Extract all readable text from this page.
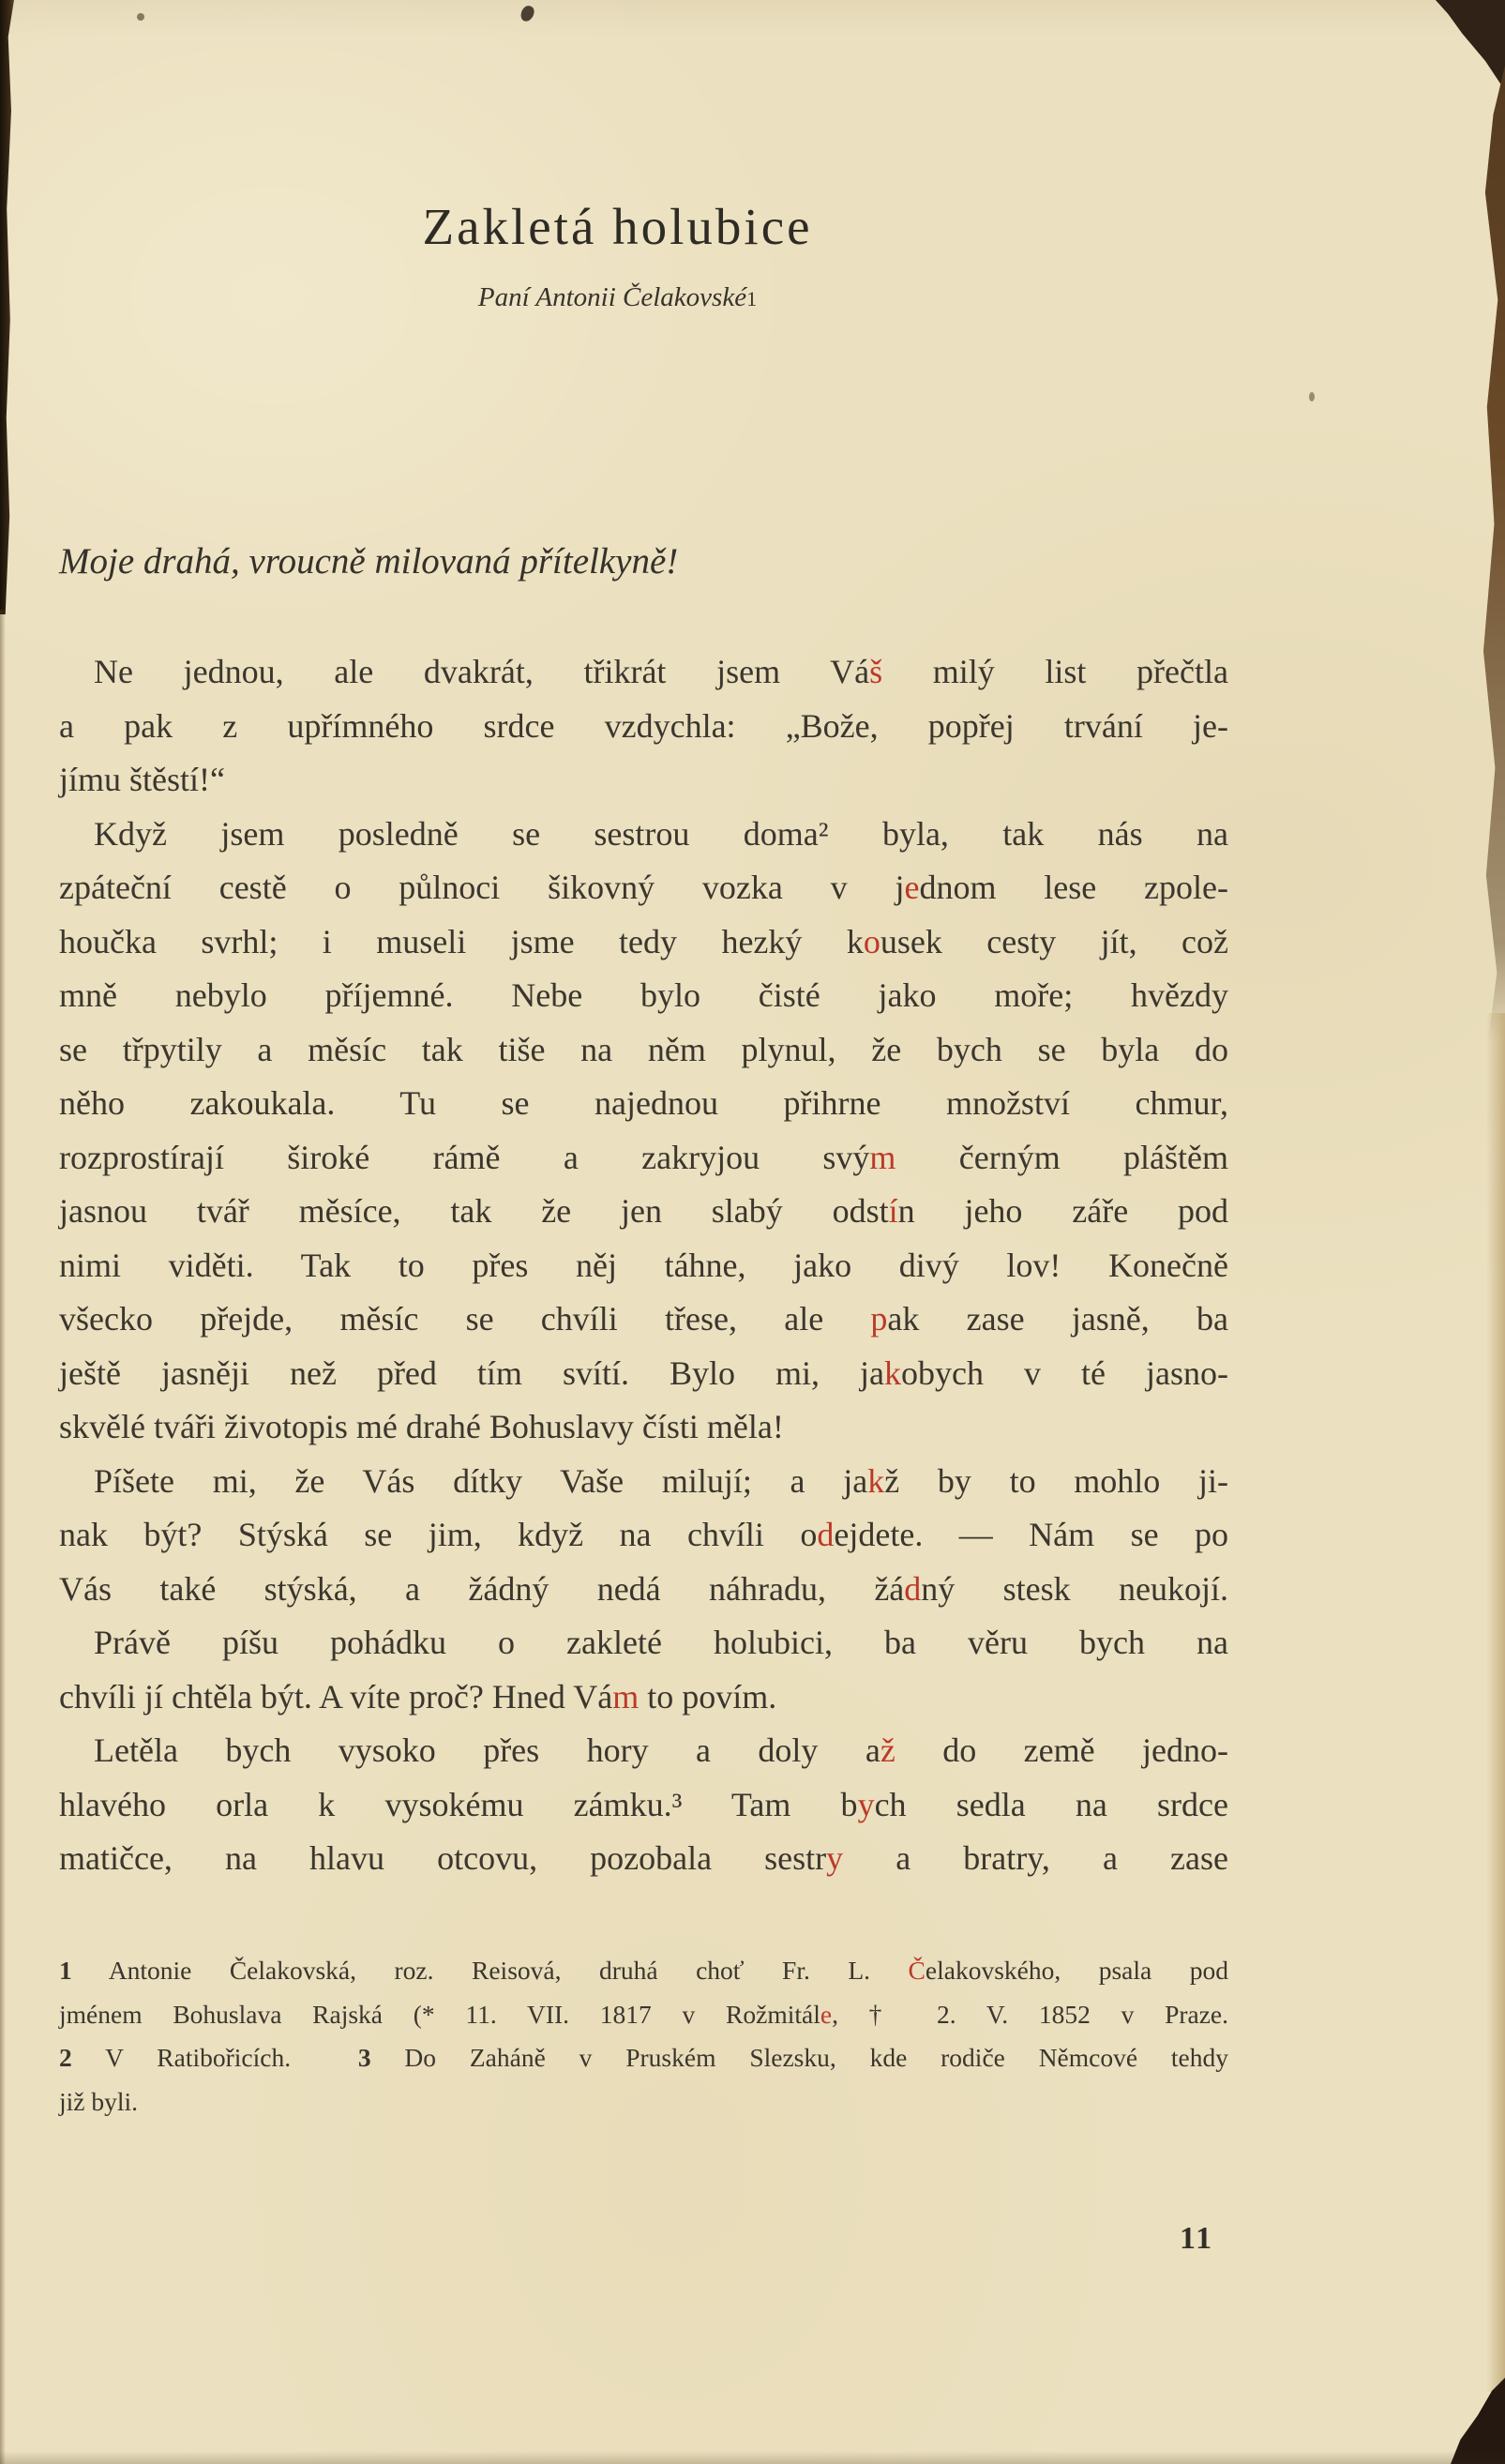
Zakletá holubice
Paní Antonii Čelakovské1
Moje drahá, vroucně milovaná přítelkyně!
Ne jednou, ale dvakrát, třikrát jsem Váš milý list přečtla
a pak z upřímného srdce vzdychla: „Bože, popřej trvání je-
jímu štěstí!“
Když jsem posledně se sestrou doma² byla, tak nás na
zpáteční cestě o půlnoci šikovný vozka v jednom lese zpole-
houčka svrhl; i museli jsme tedy hezký kousek cesty jít, což
mně nebylo příjemné. Nebe bylo čisté jako moře; hvězdy
se třpytily a měsíc tak tiše na něm plynul, že bych se byla do
něho zakoukala. Tu se najednou přihrne množství chmur,
rozprostírají široké rámě a zakryjou svým černým pláštěm
jasnou tvář měsíce, tak že jen slabý odstín jeho záře pod
nimi viděti. Tak to přes něj táhne, jako divý lov! Konečně
všecko přejde, měsíc se chvíli třese, ale pak zase jasně, ba
ještě jasněji než před tím svítí. Bylo mi, jakobych v té jasno-
skvělé tváři životopis mé drahé Bohuslavy čísti měla!
Píšete mi, že Vás dítky Vaše milují; a jakž by to mohlo ji-
nak být? Stýská se jim, když na chvíli odejdete. — Nám se po
Vás také stýská, a žádný nedá náhradu, žádný stesk neukojí.
Právě píšu pohádku o zakleté holubici, ba věru bych na
chvíli jí chtěla být. A víte proč? Hned Vám to povím.
Letěla bych vysoko přes hory a doly až do země jedno-
hlavého orla k vysokému zámku.³ Tam bych sedla na srdce
matičce, na hlavu otcovu, pozobala sestry a bratry, a zase
1 Antonie Čelakovská, roz. Reisová, druhá choť Fr. L. Čelakovského, psala pod
jménem Bohuslava Rajská (* 11. VII. 1817 v Rožmitále, † 2. V. 1852 v Praze.
2 V Ratibořicích.  3 Do Zaháně v Pruském Slezsku, kde rodiče Němcové tehdy
již byli.
11
